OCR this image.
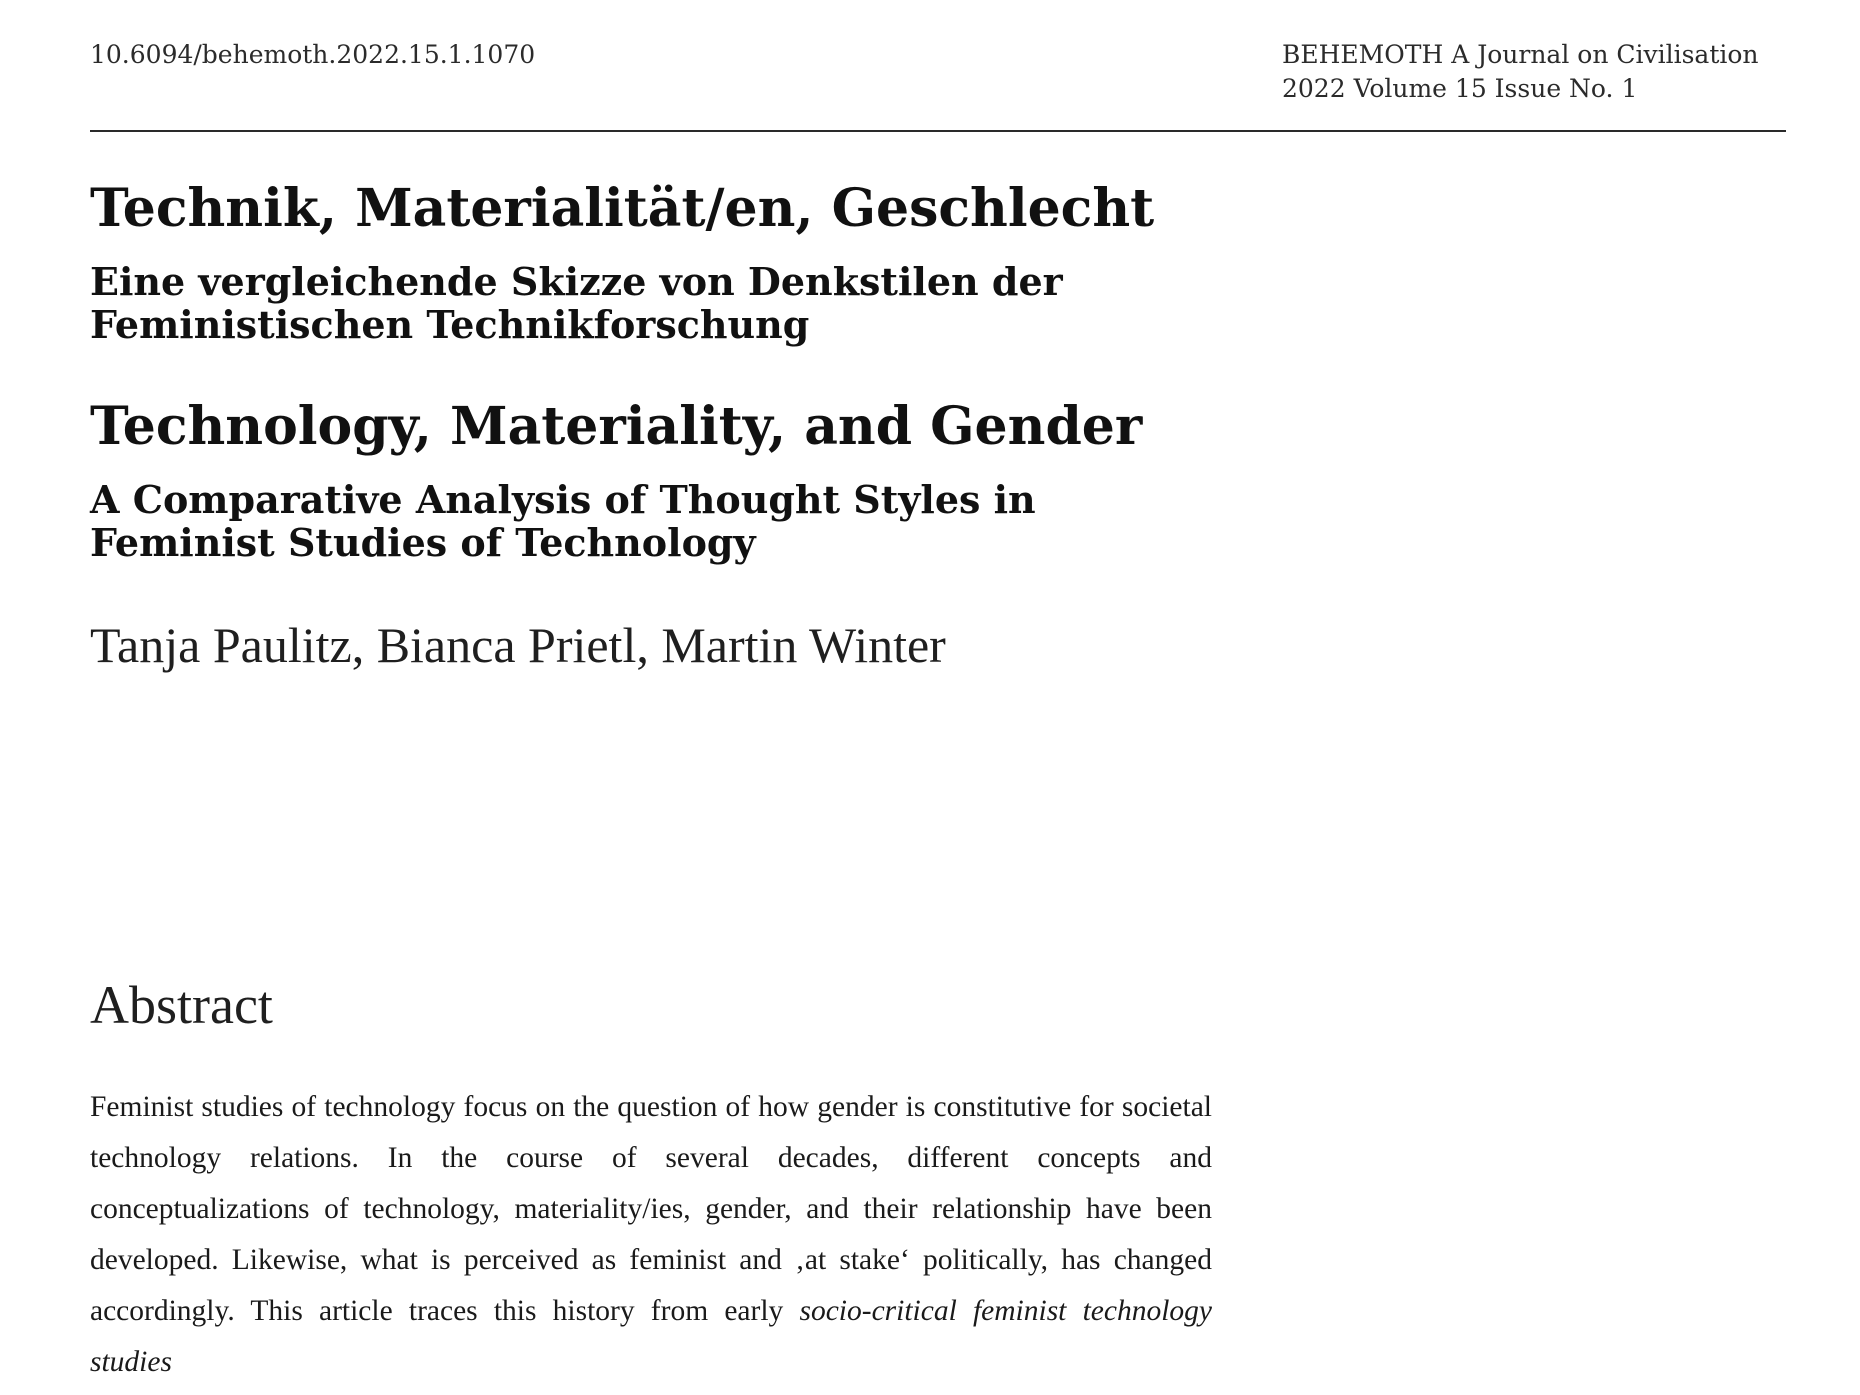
10.6094/behemoth.2022.15.1.1070	BEHEMOTH A Journal on Civilisation
2022 Volume 15 Issue No. 1
Technik, Materialität/en, Geschlecht
Eine vergleichende Skizze von Denkstilen der Feministischen Technikforschung
Technology, Materiality, and Gender
A Comparative Analysis of Thought Styles in Feminist Studies of Technology
Tanja Paulitz, Bianca Prietl, Martin Winter
Abstract
Feminist studies of technology focus on the question of how gender is constitutive for societal technology relations. In the course of several decades, different concepts and conceptualizations of technology, materiality/ies, gender, and their relationship have been developed. Likewise, what is perceived as feminist and ‚at stake‘ politically, has changed accordingly. This article traces this history from early socio-critical feminist technology studies
